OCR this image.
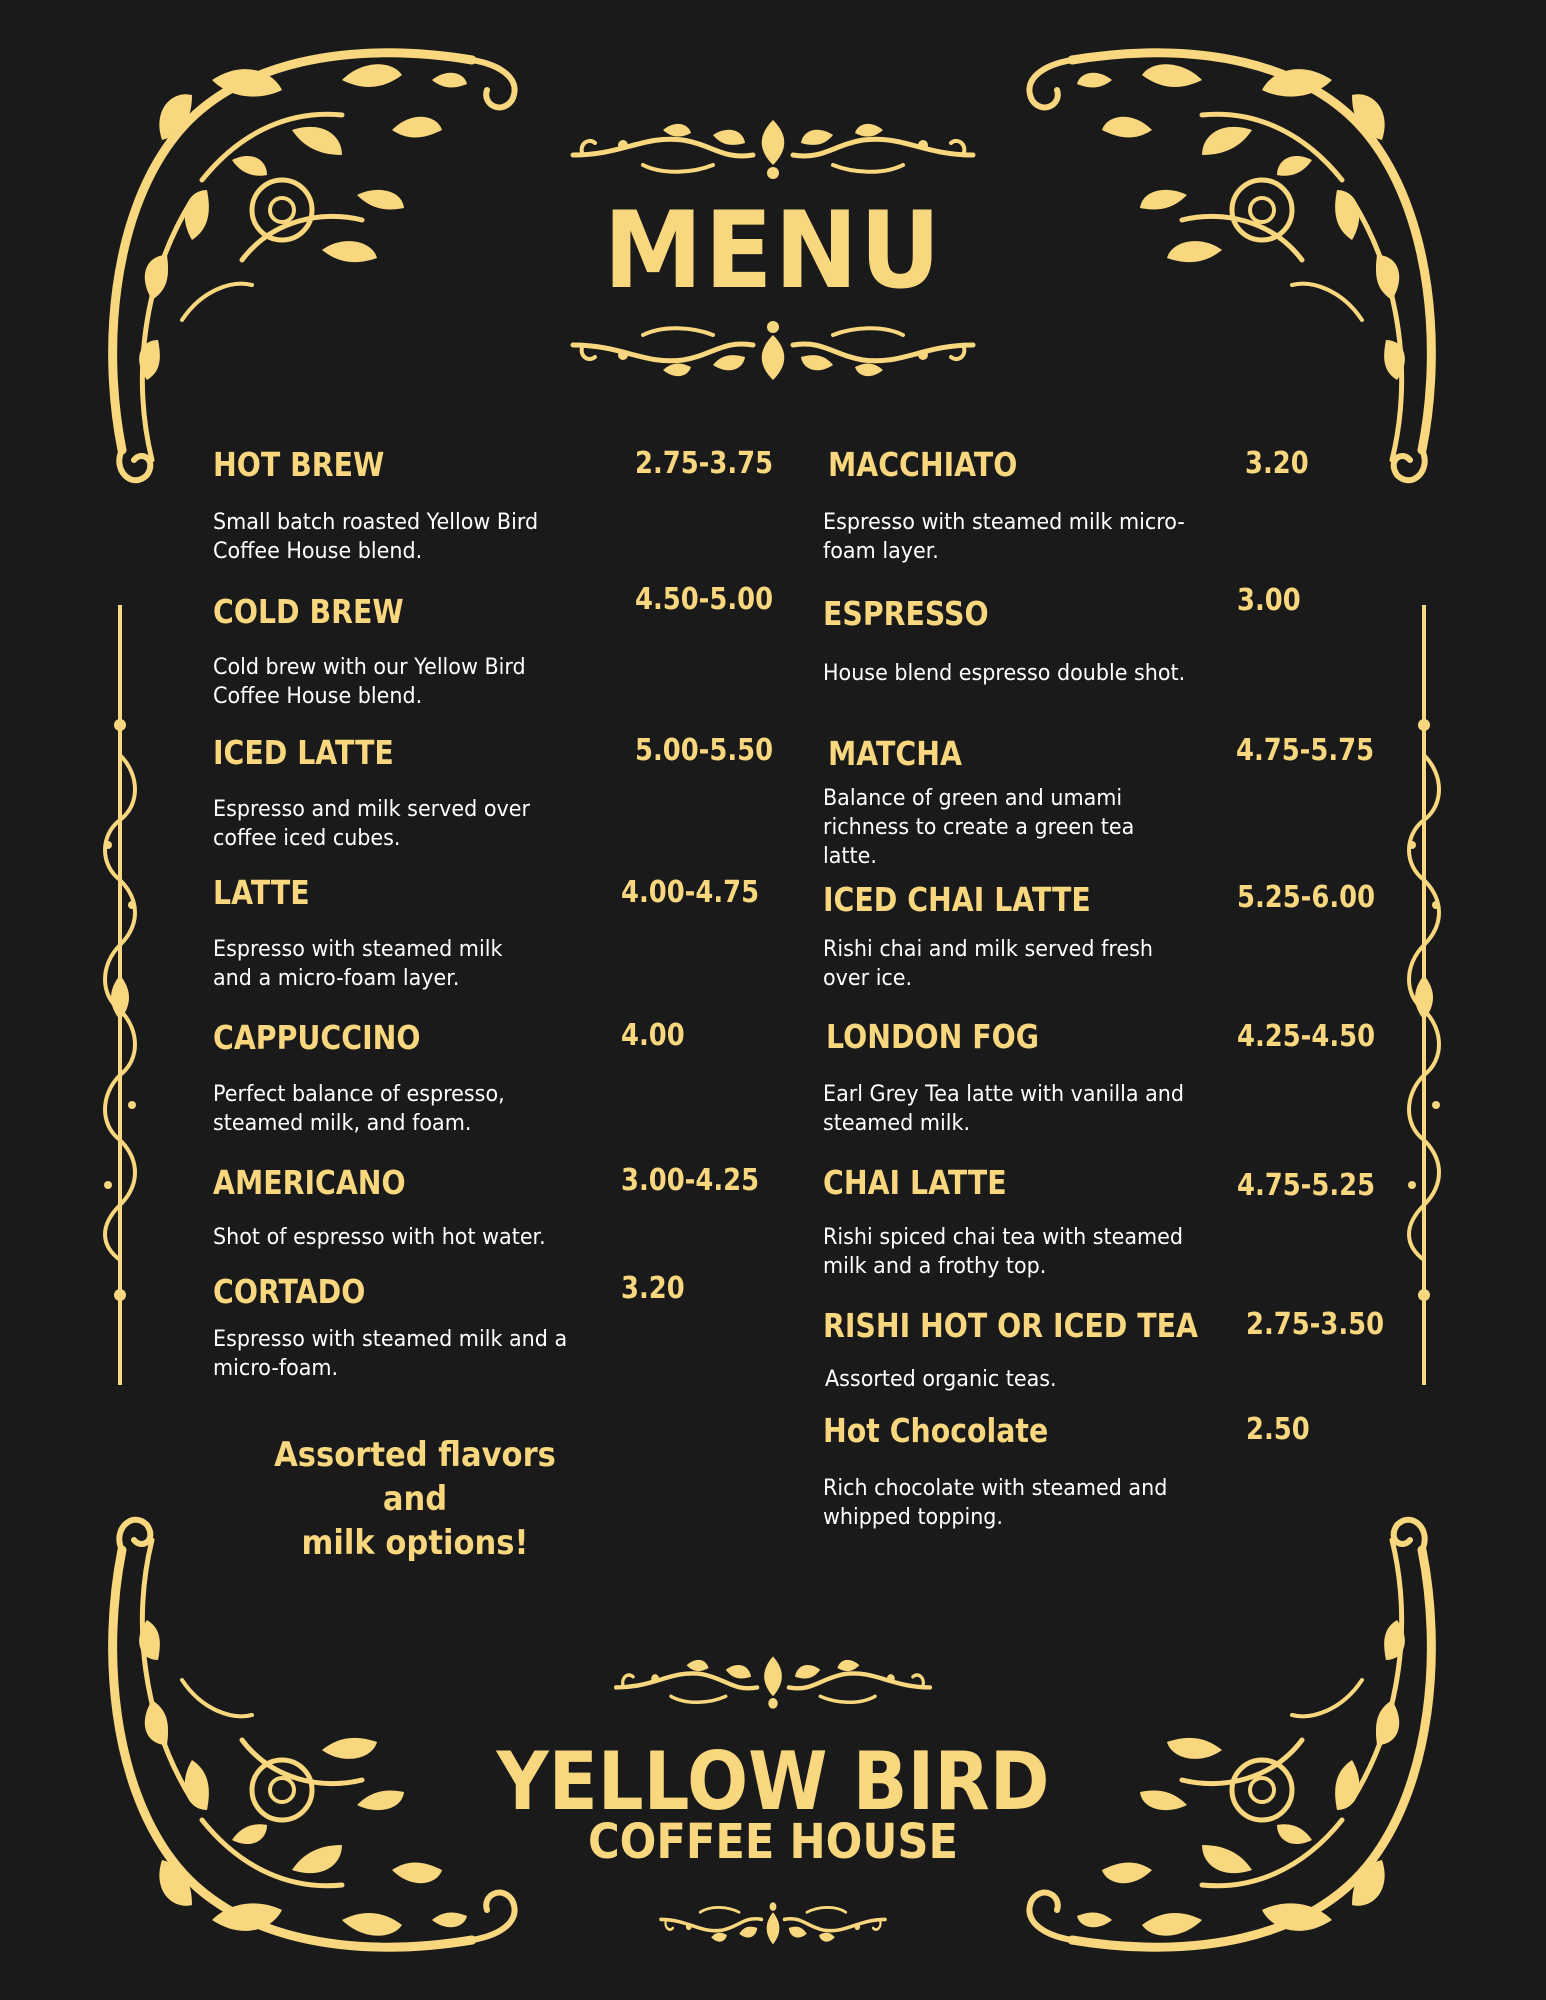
MENU
HOT BREW	2.75-3.75
Small batch roasted Yellow Bird
Coffee House blend.
COLD BREW	4.50-5.00
Cold brew with our Yellow Bird
Coffee House blend.
ICED LATTE	5.00-5.50
Espresso and milk served over
coffee iced cubes.
LATTE	4.00-4.75
Espresso with steamed milk
and a micro-foam layer.
CAPPUCCINO	4.00
Perfect balance of espresso,
steamed milk, and foam.
AMERICANO	3.00-4.25
Shot of espresso with hot water.
CORTADO	3.20
Espresso with steamed milk and a
micro-foam.
Assorted flavors
and
milk options!
MACCHIATO	3.20
Espresso with steamed milk micro-
foam layer.
ESPRESSO	3.00
House blend espresso double shot.
MATCHA	4.75-5.75
Balance of green and umami
richness to create a green tea
latte.
ICED CHAI LATTE	5.25-6.00
Rishi chai and milk served fresh
over ice.
LONDON FOG	4.25-4.50
Earl Grey Tea latte with vanilla and
steamed milk.
CHAI LATTE	4.75-5.25
Rishi spiced chai tea with steamed
milk and a frothy top.
RISHI HOT OR ICED TEA 2.75-3.50
Assorted organic teas.
Hot Chocolate	2.50
Rich chocolate with steamed and
whipped topping.
YELLOW BIRD
COFFEE HOUSE
